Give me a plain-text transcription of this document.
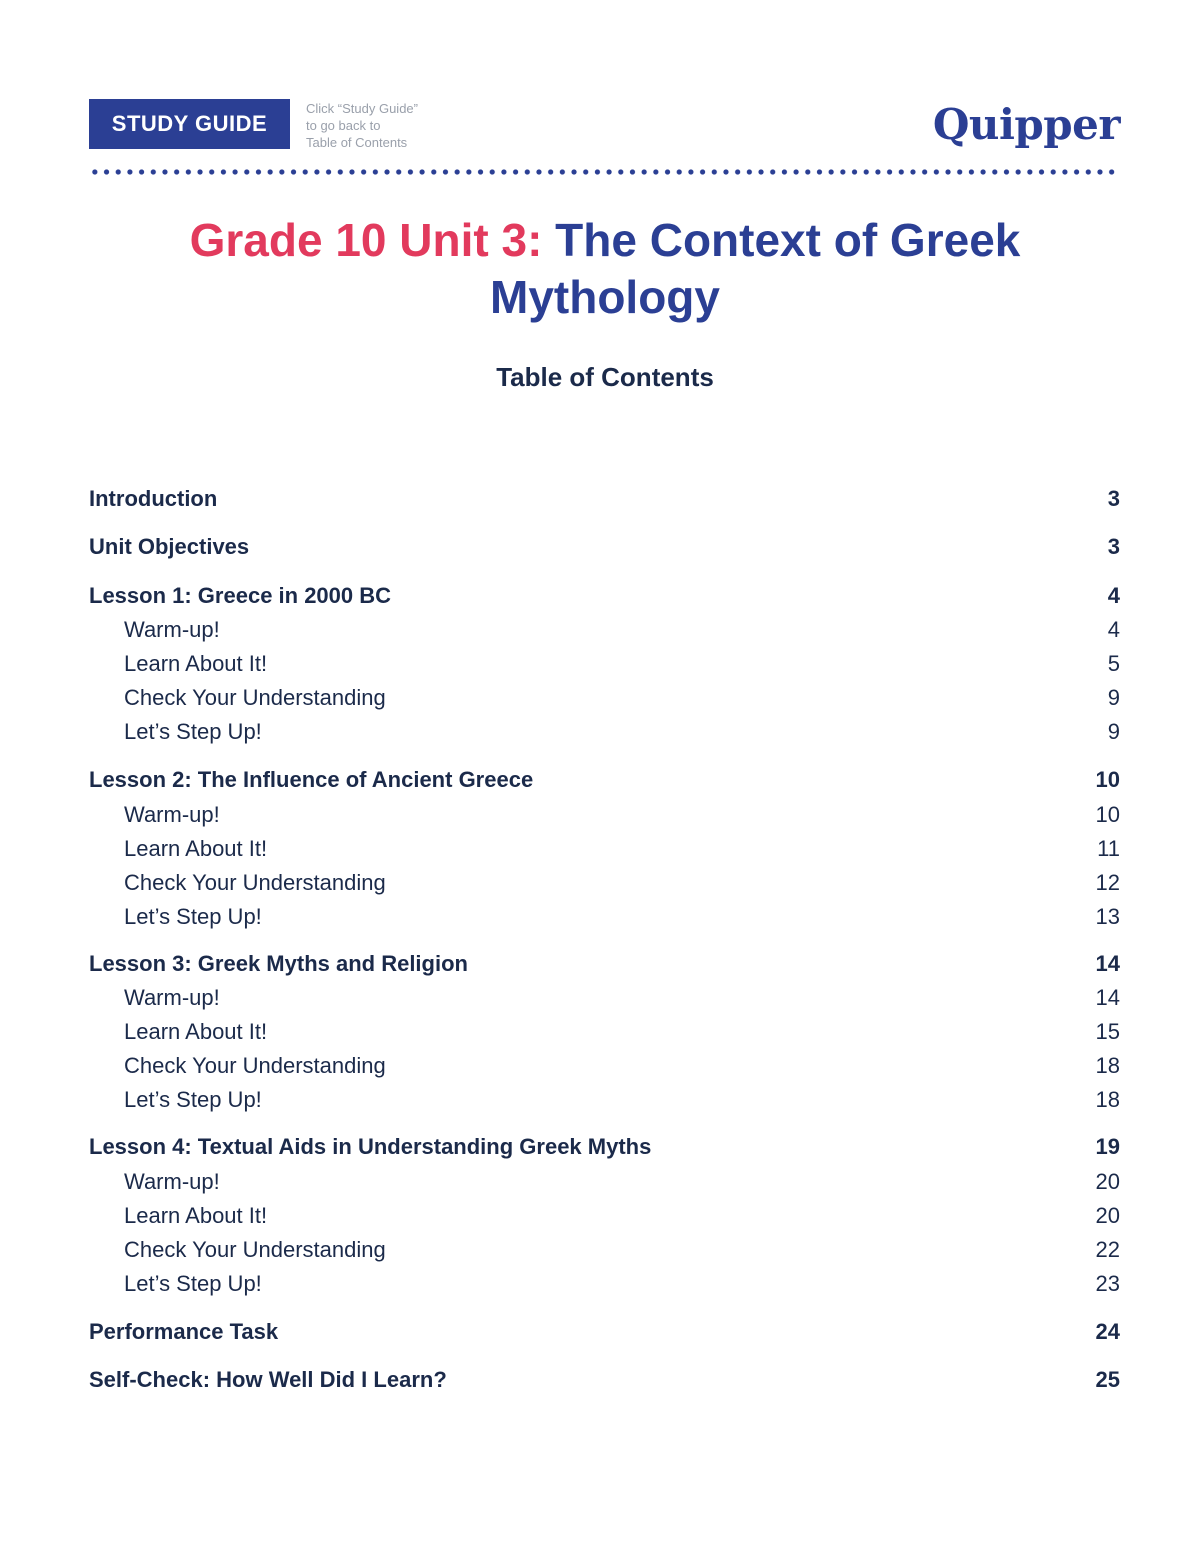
STUDY GUIDE
Click “Study Guide”
to go back to
Table of Contents	Quipper
Grade 10 Unit 3: The Context of Greek Mythology
Table of Contents
Introduction	3
Unit Objectives	3
Lesson 1: Greece in 2000 BC	4
Warm-up!	4
Learn About It!	5
Check Your Understanding	9
Let’s Step Up!	9
Lesson 2: The Influence of Ancient Greece	10
Warm-up!	10
Learn About It!	11
Check Your Understanding	12
Let’s Step Up!	13
Lesson 3: Greek Myths and Religion	14
Warm-up!	14
Learn About It!	15
Check Your Understanding	18
Let’s Step Up!	18
Lesson 4: Textual Aids in Understanding Greek Myths	19
Warm-up!	20
Learn About It!	20
Check Your Understanding	22
Let’s Step Up!	23
Performance Task	24
Self-Check: How Well Did I Learn?	25
